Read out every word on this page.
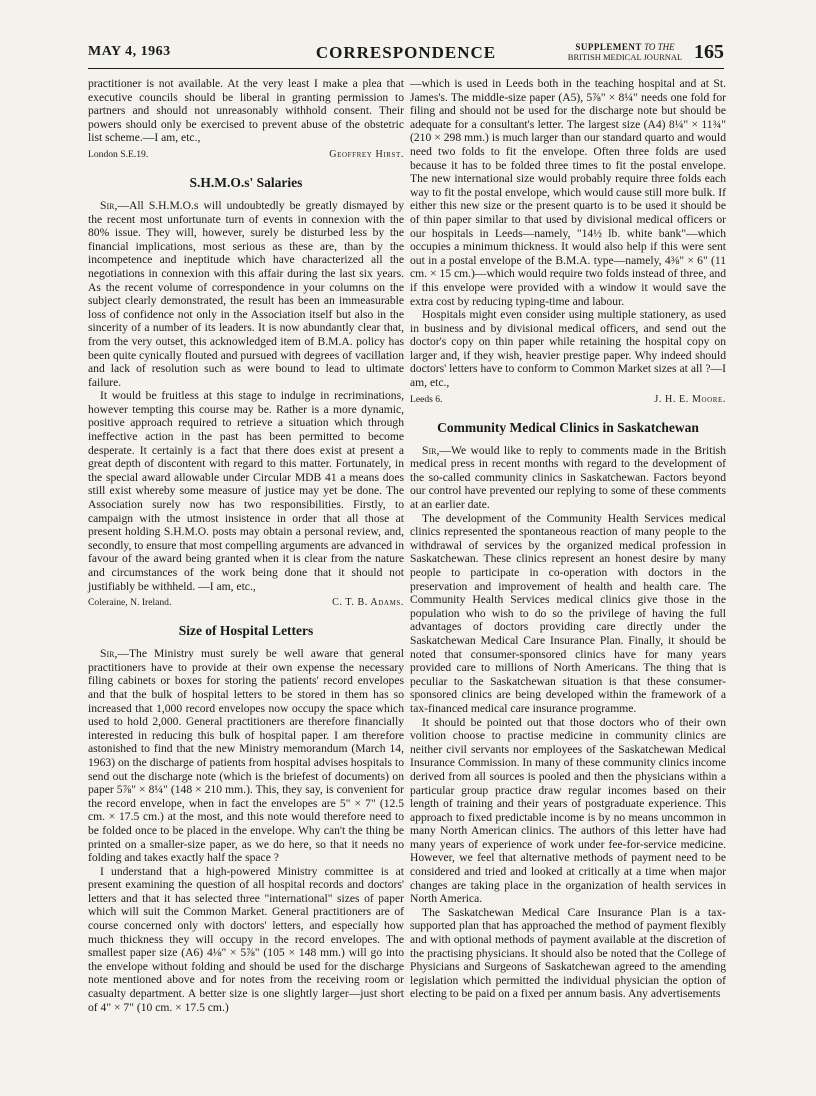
MAY 4, 1963	CORRESPONDENCE	SUPPLEMENT TO THE
BRITISH MEDICAL JOURNAL 165

practitioner is not available. At the very least I make a plea that executive councils should be liberal in granting permission to partners and should not unreasonably withhold consent. Their powers should only be exercised to prevent abuse of the obstetric list scheme.—I am, etc.,

London S.E.19.	Geoffrey Hirst.
S.H.M.O.s' Salaries

Sir,—All S.H.M.O.s will undoubtedly be greatly dismayed by the recent most unfortunate turn of events in connexion with the 80% issue. They will, however, surely be disturbed less by the financial implications, most serious as these are, than by the incompetence and ineptitude which have characterized all the negotiations in connexion with this affair during the last six years. As the recent volume of correspondence in your columns on the subject clearly demonstrated, the result has been an immeasurable loss of confidence not only in the Association itself but also in the sincerity of a number of its leaders. It is now abundantly clear that, from the very outset, this acknowledged item of B.M.A. policy has been quite cynically flouted and pursued with degrees of vacillation and lack of resolution such as were bound to lead to ultimate failure.

It would be fruitless at this stage to indulge in recriminations, however tempting this course may be. Rather is a more dynamic, positive approach required to retrieve a situation which through ineffective action in the past has been permitted to become desperate. It certainly is a fact that there does exist at present a great depth of discontent with regard to this matter. Fortunately, in the special award allowable under Circular MDB 41 a means does still exist whereby some measure of justice may yet be done. The Association surely now has two responsibilities. Firstly, to campaign with the utmost insistence in order that all those at present holding S.H.M.O. posts may obtain a personal review, and, secondly, to ensure that most compelling arguments are advanced in favour of the award being granted when it is clear from the nature and circumstances of the work being done that it should not justifiably be withheld. —I am, etc.,

Coleraine, N. Ireland.	C. T. B. Adams.
Size of Hospital Letters

Sir,—The Ministry must surely be well aware that general practitioners have to provide at their own expense the necessary filing cabinets or boxes for storing the patients' record envelopes and that the bulk of hospital letters to be stored in them has so increased that 1,000 record envelopes now occupy the space which used to hold 2,000. General practitioners are therefore financially interested in reducing this bulk of hospital paper. I am therefore astonished to find that the new Ministry memorandum (March 14, 1963) on the discharge of patients from hospital advises hospitals to send out the discharge note (which is the briefest of documents) on paper 5⅞" × 8¼" (148 × 210 mm.). This, they say, is convenient for the record envelope, when in fact the envelopes are 5" × 7" (12.5 cm. × 17.5 cm.) at the most, and this note would therefore need to be folded once to be placed in the envelope. Why can't the thing be printed on a smaller-size paper, as we do here, so that it needs no folding and takes exactly half the space ?

I understand that a high-powered Ministry committee is at present examining the question of all hospital records and doctors' letters and that it has selected three "international" sizes of paper which will suit the Common Market. General practitioners are of course concerned only with doctors' letters, and especially how much thickness they will occupy in the record envelopes. The smallest paper size (A6) 4⅛" × 5⅞" (105 × 148 mm.) will go into the envelope without folding and should be used for the discharge note mentioned above and for notes from the receiving room or casualty department. A better size is one slightly larger—just short of 4" × 7" (10 cm. × 17.5 cm.)

—which is used in Leeds both in the teaching hospital and at St. James's. The middle-size paper (A5), 5⅞" × 8¼" needs one fold for filing and should not be used for the discharge note but should be adequate for a consultant's letter. The largest size (A4) 8¼" × 11¾" (210 × 298 mm.) is much larger than our standard quarto and would need two folds to fit the envelope. Often three folds are used because it has to be folded three times to fit the postal envelope. The new international size would probably require three folds each way to fit the postal envelope, which would cause still more bulk. If either this new size or the present quarto is to be used it should be of thin paper similar to that used by divisional medical officers or our hospitals in Leeds—namely, "14½ lb. white bank"—which occupies a minimum thickness. It would also help if this were sent out in a postal envelope of the B.M.A. type—namely, 4⅜" × 6" (11 cm. × 15 cm.)—which would require two folds instead of three, and if this envelope were provided with a window it would save the extra cost by reducing typing-time and labour.

Hospitals might even consider using multiple stationery, as used in business and by divisional medical officers, and send out the doctor's copy on thin paper while retaining the hospital copy on larger and, if they wish, heavier prestige paper. Why indeed should doctors' letters have to conform to Common Market sizes at all ?—I am, etc.,

Leeds 6.	J. H. E. Moore.
Community Medical Clinics in Saskatchewan

Sir,—We would like to reply to comments made in the British medical press in recent months with regard to the development of the so-called community clinics in Saskatchewan. Factors beyond our control have prevented our replying to some of these comments at an earlier date.

The development of the Community Health Services medical clinics represented the spontaneous reaction of many people to the withdrawal of services by the organized medical profession in Saskatchewan. These clinics represent an honest desire by many people to participate in co-operation with doctors in the preservation and improvement of health and health care. The Community Health Services medical clinics give those in the population who wish to do so the privilege of having the full advantages of doctors providing care directly under the Saskatchewan Medical Care Insurance Plan. Finally, it should be noted that consumer-sponsored clinics have for many years provided care to millions of North Americans. The thing that is peculiar to the Saskatchewan situation is that these consumer-sponsored clinics are being developed within the framework of a tax-financed medical care insurance programme.

It should be pointed out that those doctors who of their own volition choose to practise medicine in community clinics are neither civil servants nor employees of the Saskatchewan Medical Insurance Commission. In many of these community clinics income derived from all sources is pooled and then the physicians within a particular group practice draw regular incomes based on their length of training and their years of postgraduate experience. This approach to fixed predictable income is by no means uncommon in many North American clinics. The authors of this letter have had many years of experience of work under fee-for-service medicine. However, we feel that alternative methods of payment need to be considered and tried and looked at critically at a time when major changes are taking place in the organization of health services in North America.

The Saskatchewan Medical Care Insurance Plan is a tax-supported plan that has approached the method of payment flexibly and with optional methods of payment available at the discretion of the practising physicians. It should also be noted that the College of Physicians and Surgeons of Saskatchewan agreed to the amending legislation which permitted the individual physician the option of electing to be paid on a fixed per annum basis. Any advertisements
